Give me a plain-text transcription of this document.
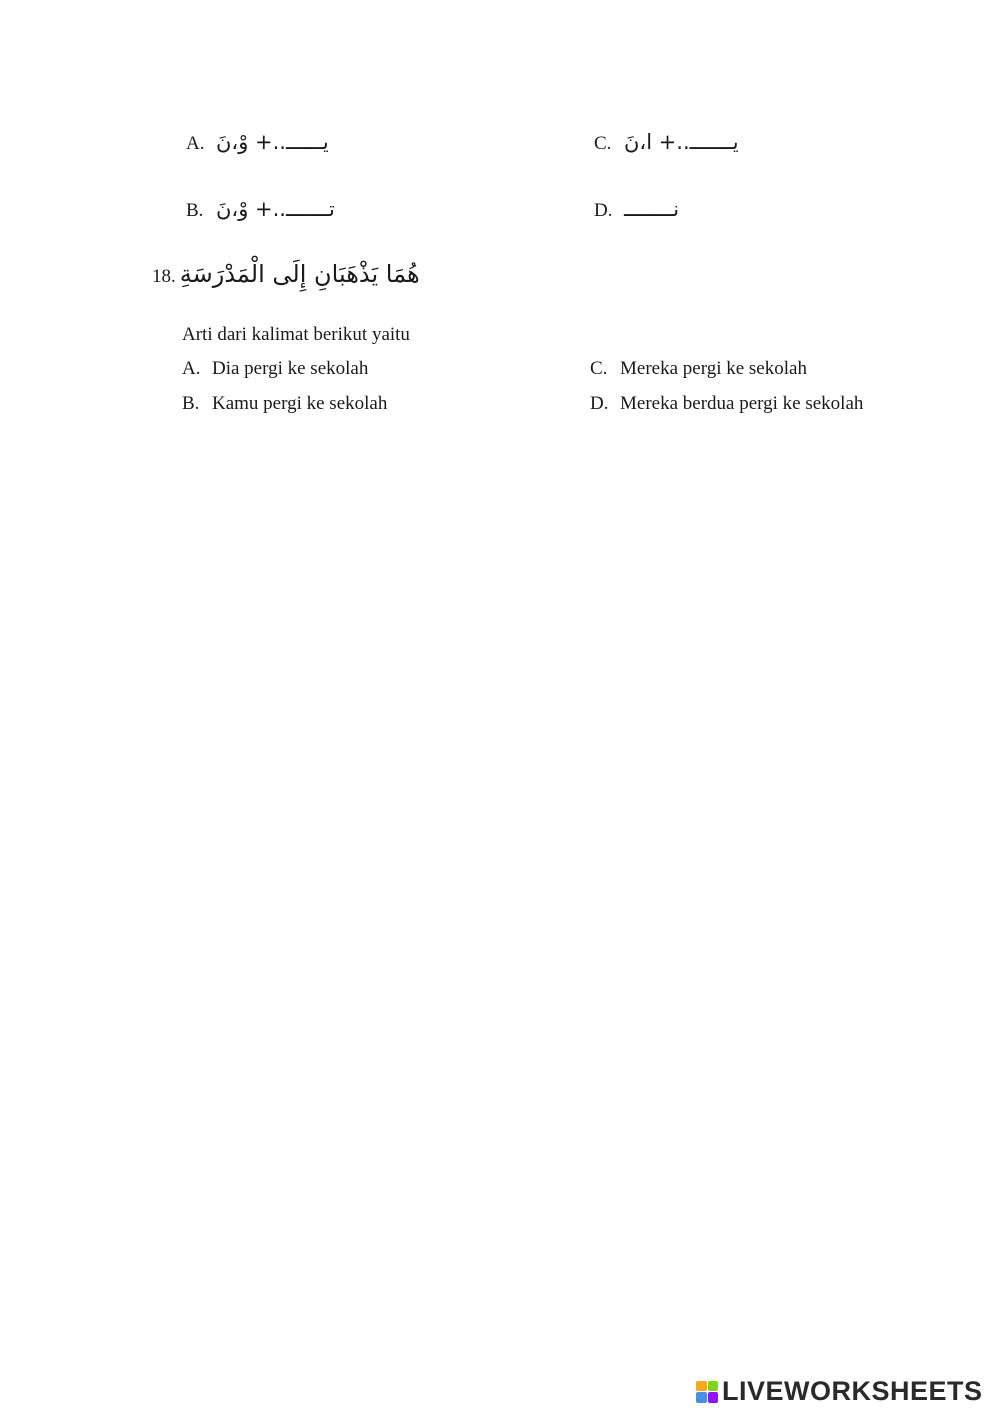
A. يــــــ..+ وْ،نَ
B. تـــــــ..+ وْ،نَ
C. يـــــــ..+ ا،نَ
D. نــــــــ
18. هُمَا يَذْهَبَانِ إِلَى الْمَدْرَسَةِ
Arti dari kalimat berikut yaitu
A. Dia pergi ke sekolah
B. Kamu pergi ke sekolah
C. Mereka pergi ke sekolah
D. Mereka berdua pergi ke sekolah
LIVEWORKSHEETS
